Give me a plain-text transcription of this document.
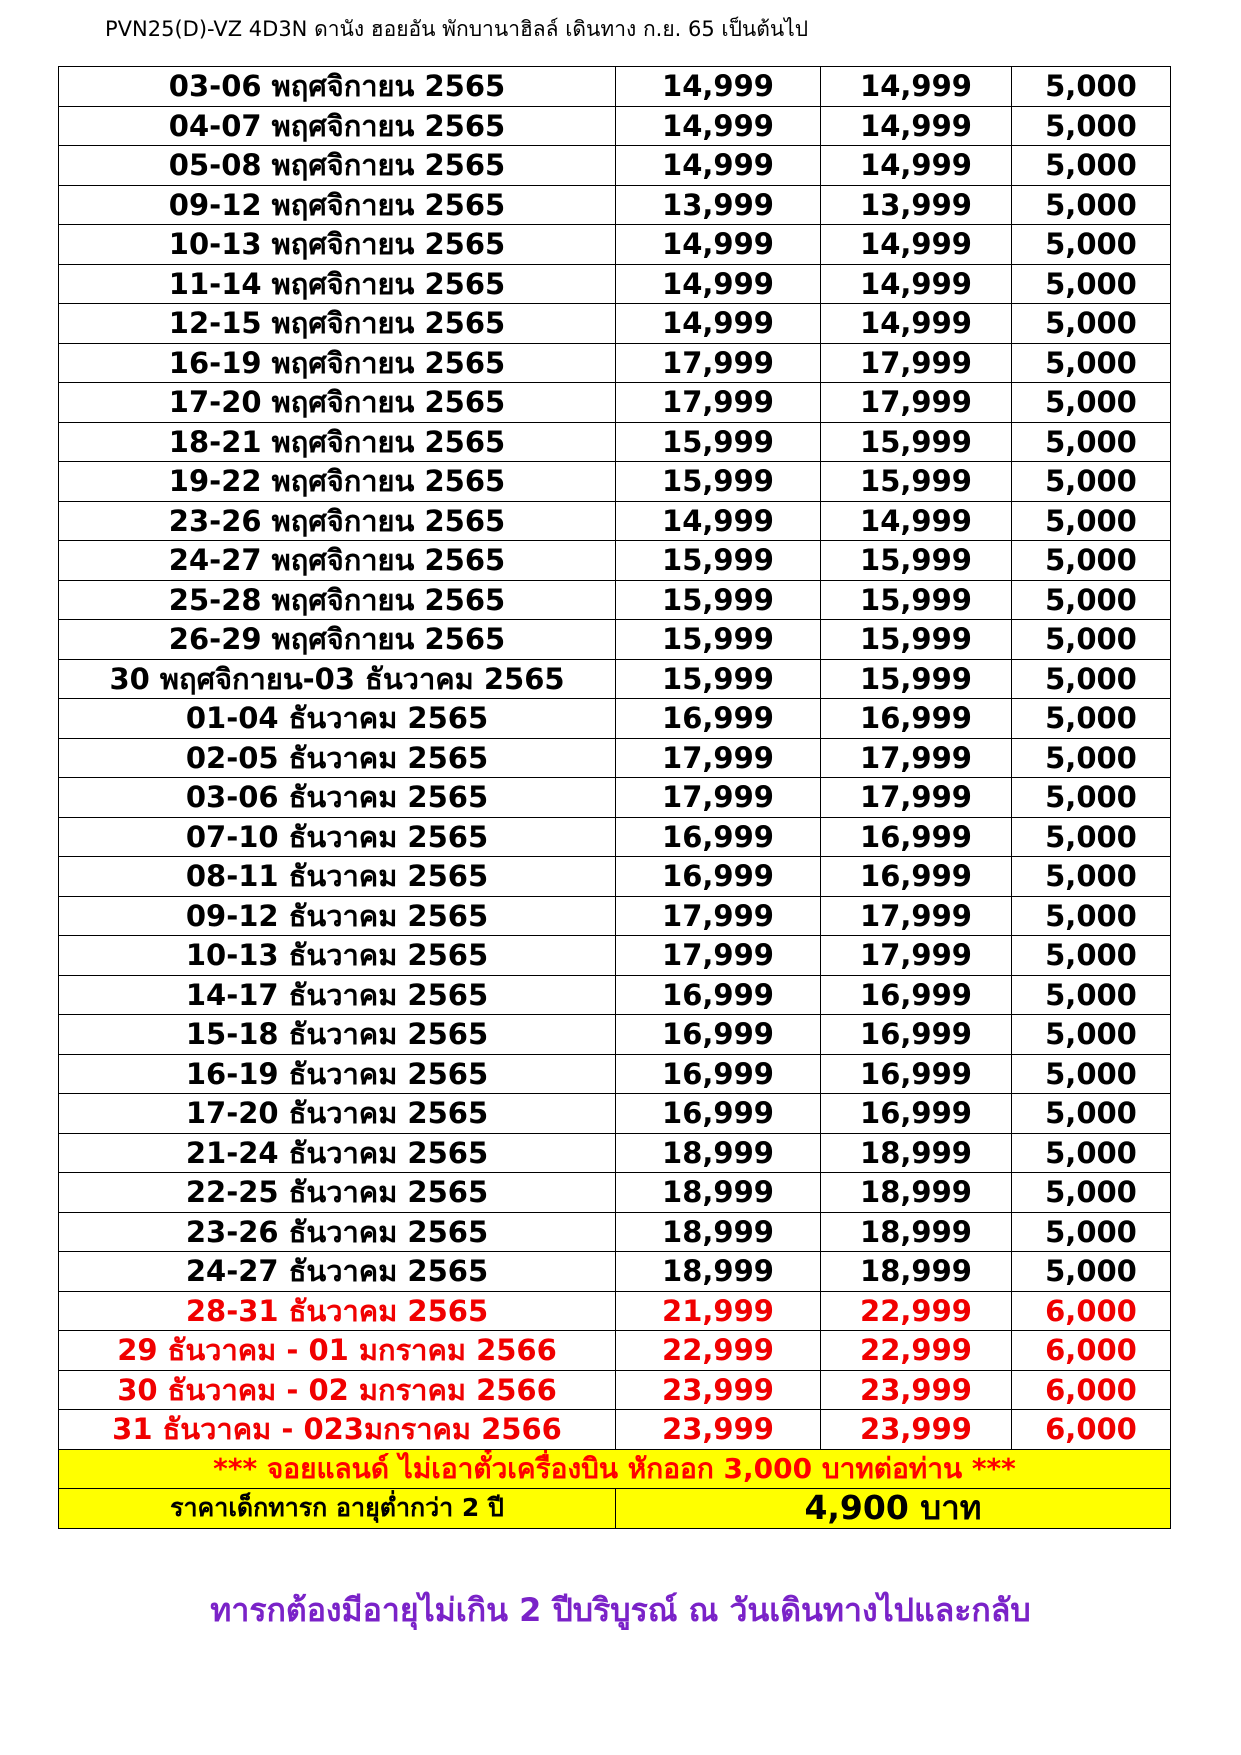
PVN25(D)-VZ 4D3N ดานัง ฮอยอัน พักบานาฮิลล์ เดินทาง ก.ย. 65 เป็นต้นไป
03-06 พฤศจิกายน 2565	14,999	14,999	5,000
04-07 พฤศจิกายน 2565	14,999	14,999	5,000
05-08 พฤศจิกายน 2565	14,999	14,999	5,000
09-12 พฤศจิกายน 2565	13,999	13,999	5,000
10-13 พฤศจิกายน 2565	14,999	14,999	5,000
11-14 พฤศจิกายน 2565	14,999	14,999	5,000
12-15 พฤศจิกายน 2565	14,999	14,999	5,000
16-19 พฤศจิกายน 2565	17,999	17,999	5,000
17-20 พฤศจิกายน 2565	17,999	17,999	5,000
18-21 พฤศจิกายน 2565	15,999	15,999	5,000
19-22 พฤศจิกายน 2565	15,999	15,999	5,000
23-26 พฤศจิกายน 2565	14,999	14,999	5,000
24-27 พฤศจิกายน 2565	15,999	15,999	5,000
25-28 พฤศจิกายน 2565	15,999	15,999	5,000
26-29 พฤศจิกายน 2565	15,999	15,999	5,000
30 พฤศจิกายน-03 ธันวาคม 2565	15,999	15,999	5,000
01-04 ธันวาคม 2565	16,999	16,999	5,000
02-05 ธันวาคม 2565	17,999	17,999	5,000
03-06 ธันวาคม 2565	17,999	17,999	5,000
07-10 ธันวาคม 2565	16,999	16,999	5,000
08-11 ธันวาคม 2565	16,999	16,999	5,000
09-12 ธันวาคม 2565	17,999	17,999	5,000
10-13 ธันวาคม 2565	17,999	17,999	5,000
14-17 ธันวาคม 2565	16,999	16,999	5,000
15-18 ธันวาคม 2565	16,999	16,999	5,000
16-19 ธันวาคม 2565	16,999	16,999	5,000
17-20 ธันวาคม 2565	16,999	16,999	5,000
21-24 ธันวาคม 2565	18,999	18,999	5,000
22-25 ธันวาคม 2565	18,999	18,999	5,000
23-26 ธันวาคม 2565	18,999	18,999	5,000
24-27 ธันวาคม 2565	18,999	18,999	5,000
28-31 ธันวาคม 2565	21,999	22,999	6,000
29 ธันวาคม - 01 มกราคม 2566	22,999	22,999	6,000
30 ธันวาคม - 02 มกราคม 2566	23,999	23,999	6,000
31 ธันวาคม - 023มกราคม 2566	23,999	23,999	6,000
*** จอยแลนด์ ไม่เอาตั๋วเครื่องบิน หักออก 3,000 บาทต่อท่าน ***			
ราคาเด็กทารก อายุต่ำกว่า 2 ปี	4,900 บาท		
ทารกต้องมีอายุไม่เกิน 2 ปีบริบูรณ์ ณ วันเดินทางไปและกลับ
